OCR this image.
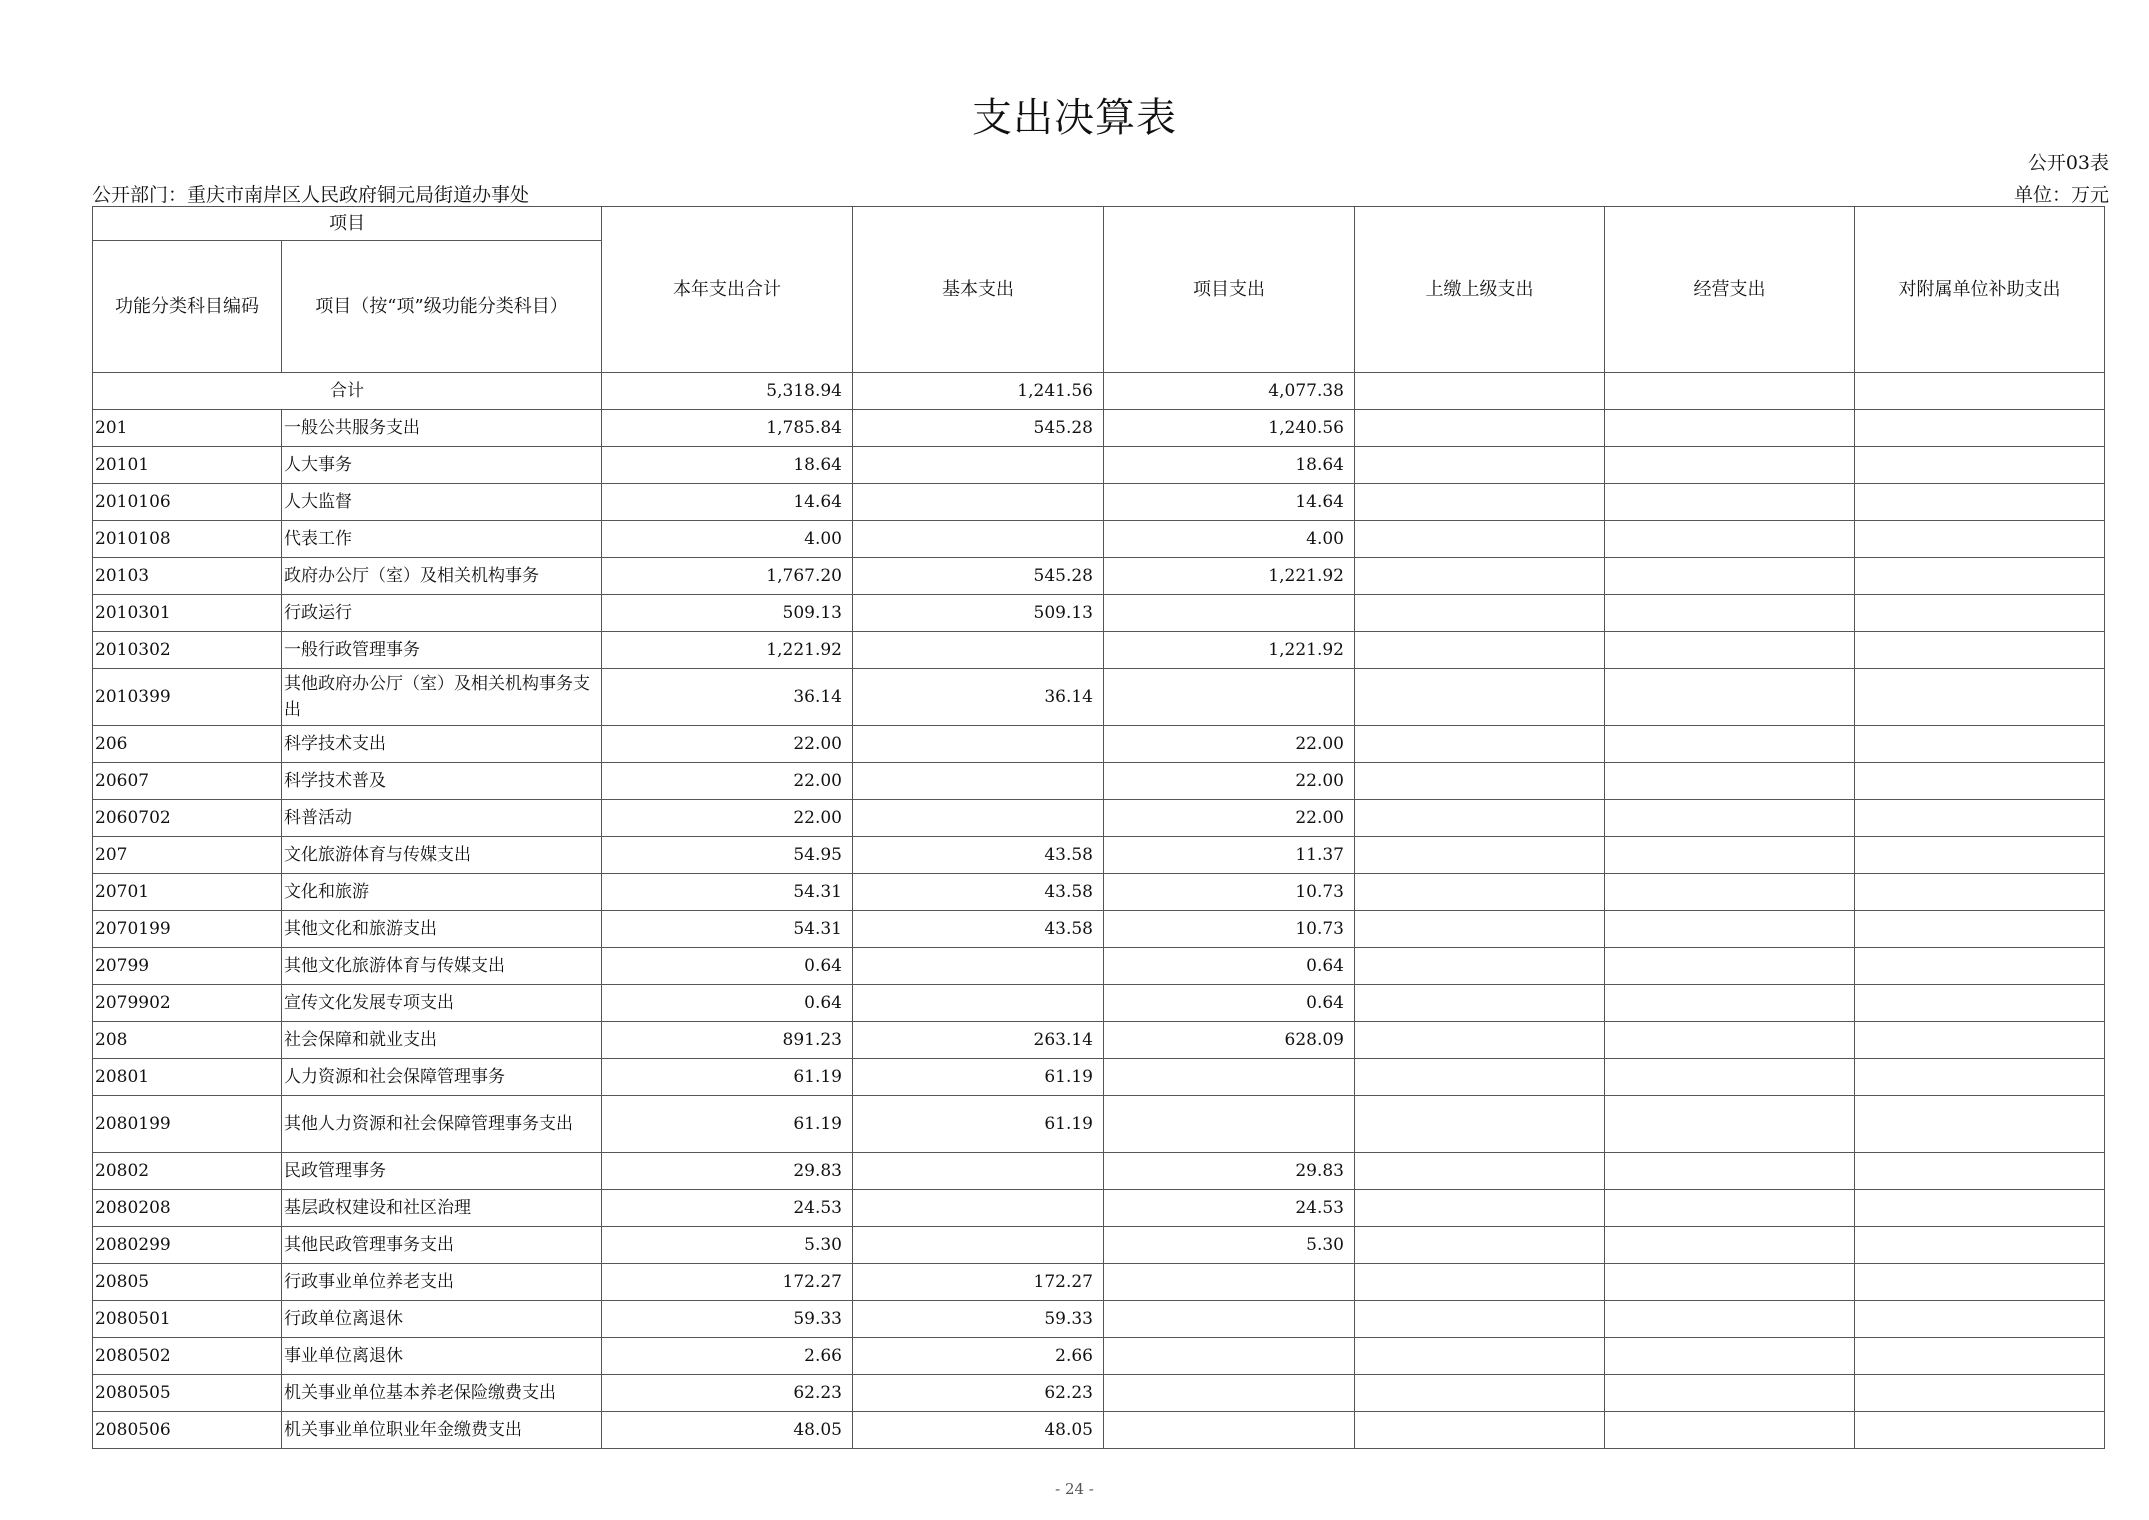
支出决算表
公开03表
公开部门：重庆市南岸区人民政府铜元局街道办事处	单位：万元
项目		本年支出合计	基本支出	项目支出	上缴上级支出	经营支出	对附属单位补助支出
功能分类科目编码	项目（按“项”级功能分类科目）						
合计		5,318.94	1,241.56	4,077.38			
201	一般公共服务支出	1,785.84	545.28	1,240.56			
20101	人大事务	18.64		18.64			
2010106	人大监督	14.64		14.64			
2010108	代表工作	4.00		4.00			
20103	政府办公厅（室）及相关机构事务	1,767.20	545.28	1,221.92			
2010301	行政运行	509.13	509.13				
2010302	一般行政管理事务	1,221.92		1,221.92			
2010399	其他政府办公厅（室）及相关机构事务支出	36.14	36.14				
206	科学技术支出	22.00		22.00			
20607	科学技术普及	22.00		22.00			
2060702	科普活动	22.00		22.00			
207	文化旅游体育与传媒支出	54.95	43.58	11.37			
20701	文化和旅游	54.31	43.58	10.73			
2070199	其他文化和旅游支出	54.31	43.58	10.73			
20799	其他文化旅游体育与传媒支出	0.64		0.64			
2079902	宣传文化发展专项支出	0.64		0.64			
208	社会保障和就业支出	891.23	263.14	628.09			
20801	人力资源和社会保障管理事务	61.19	61.19				
2080199	其他人力资源和社会保障管理事务支出	61.19	61.19				
20802	民政管理事务	29.83		29.83			
2080208	基层政权建设和社区治理	24.53		24.53			
2080299	其他民政管理事务支出	5.30		5.30			
20805	行政事业单位养老支出	172.27	172.27				
2080501	行政单位离退休	59.33	59.33				
2080502	事业单位离退休	2.66	2.66				
2080505	机关事业单位基本养老保险缴费支出	62.23	62.23				
2080506	机关事业单位职业年金缴费支出	48.05	48.05				
- 24 -
